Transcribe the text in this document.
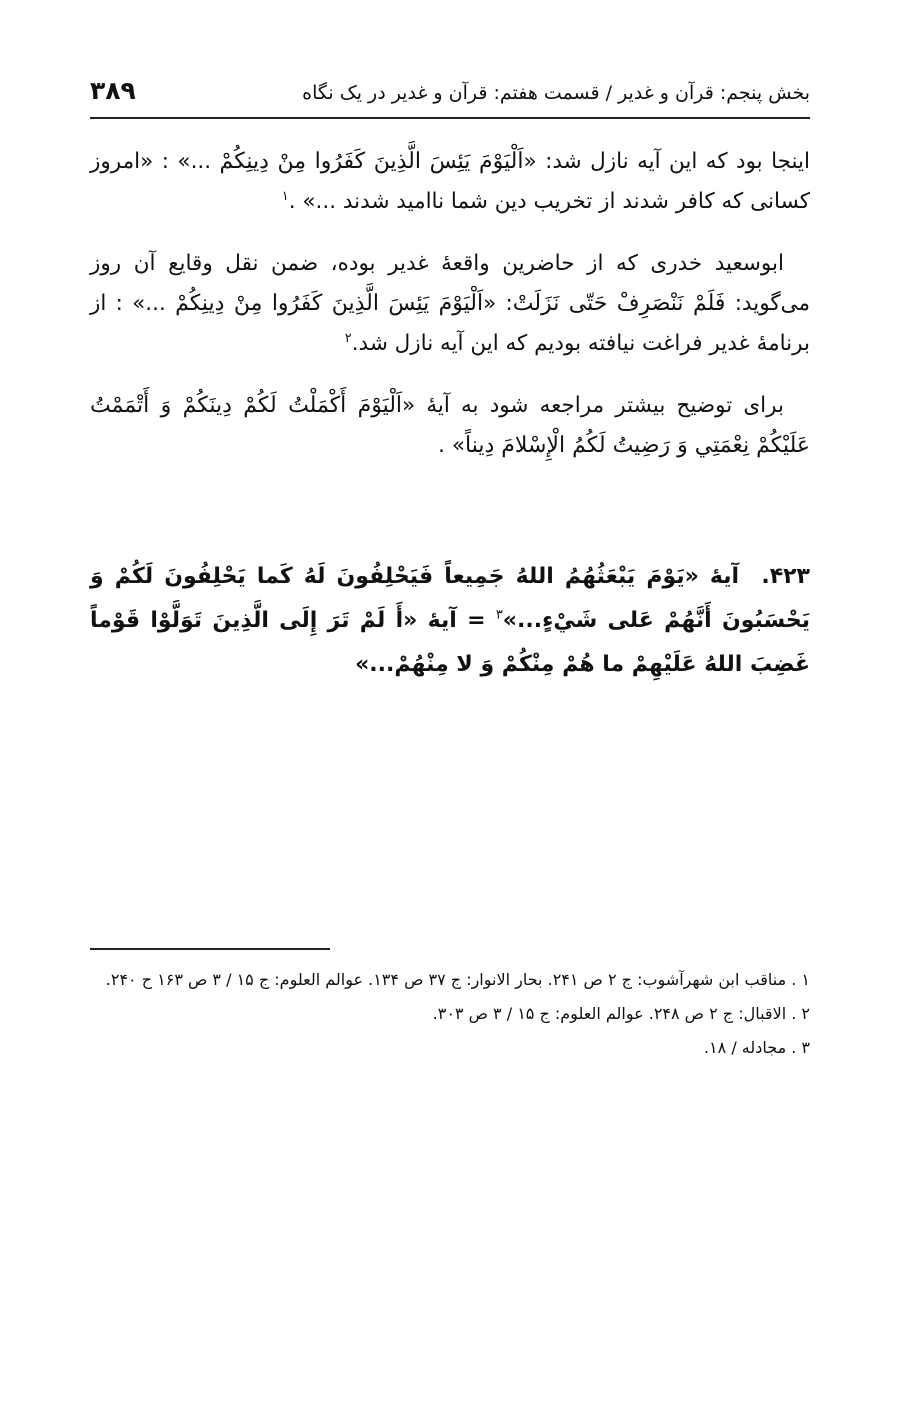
بخش پنجم: قرآن و غدیر / قسمت هفتم: قرآن و غدیر در یک نگاه
۳۸۹

اینجا بود که این آیه نازل شد: «اَلْيَوْمَ يَئِسَ الَّذِينَ كَفَرُوا مِنْ دِينِكُمْ ...» : «امروز کسانی که کافر شدند از تخریب دین شما ناامید شدند ...» .$^۱$

ابوسعید خدری که از حاضرین واقعهٔ غدیر بوده، ضمن نقل وقایع آن روز می‌گوید: فَلَمْ نَنْصَرِفْ حَتّى نَزَلَتْ: «اَلْيَوْمَ يَئِسَ الَّذِينَ كَفَرُوا مِنْ دِينِكُمْ ...» : از برنامهٔ غدیر فراغت نیافته بودیم که این آیه نازل شد.$^۲$

برای توضیح بیشتر مراجعه شود به آیهٔ «اَلْيَوْمَ أَكْمَلْتُ لَكُمْ دِينَكُمْ وَ أَتْمَمْتُ عَلَيْكُمْ نِعْمَتِي وَ رَضِيتُ لَكُمُ الْإِسْلامَ دِيناً» .

۴۲۳.  آیهٔ «يَوْمَ يَبْعَثُهُمُ اللهُ جَمِيعاً فَيَحْلِفُونَ لَهُ كَما يَحْلِفُونَ لَكُمْ وَ يَحْسَبُونَ أَنَّهُمْ عَلى شَيْءٍ...»$^۳$ = آیهٔ «أَ لَمْ تَرَ إِلَى الَّذِينَ تَوَلَّوْا قَوْماً غَضِبَ اللهُ عَلَيْهِمْ ما هُمْ مِنْكُمْ وَ لا مِنْهُمْ...»

۱ . مناقب ابن شهرآشوب: ج ۲ ص ۲۴۱. بحار الانوار: ج ۳۷ ص ۱۳۴. عوالم العلوم: ج ۱۵ / ۳ ص ۱۶۳ ح ۲۴۰.

۲ . الاقبال: ج ۲ ص ۲۴۸. عوالم العلوم: ج ۱۵ / ۳ ص ۳۰۳.

۳ . مجادله / ۱۸.
